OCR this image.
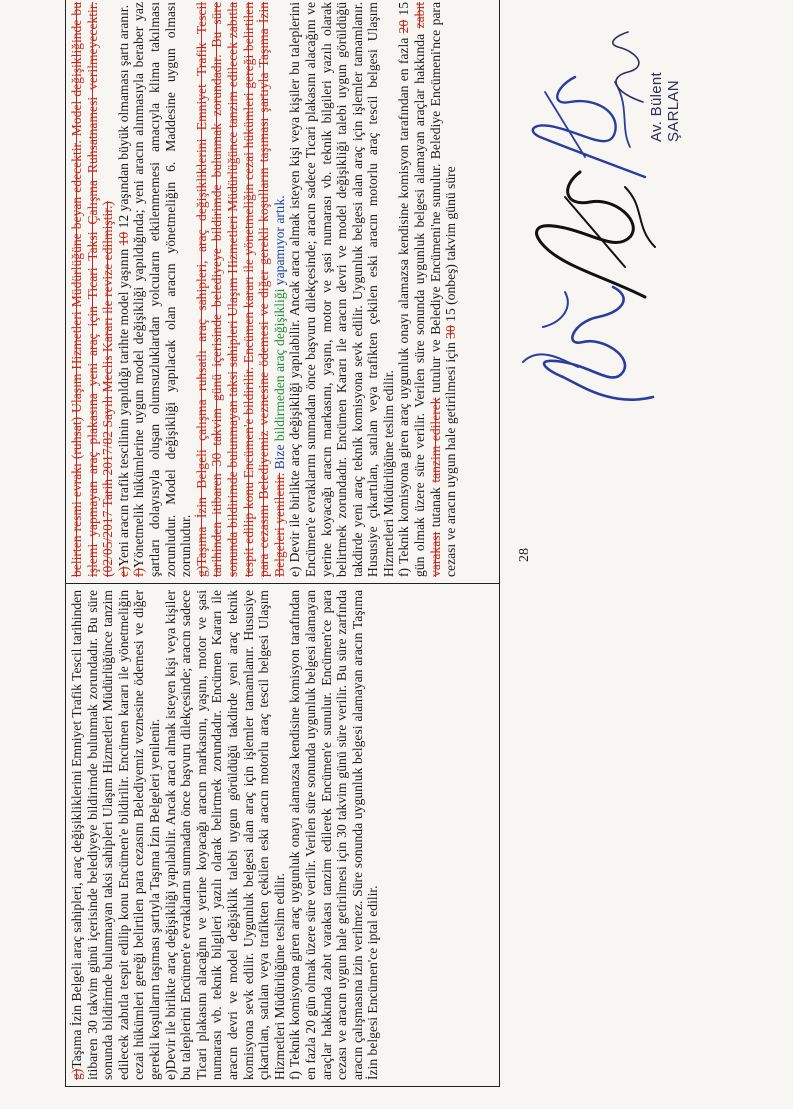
g)Taşıma İzin Belgeli araç sahipleri, araç değişikliklerini Emniyet Trafik Tescil tarihinden itibaren 30 takvim günü içerisinde belediyeye bildirimde bulunmak zorundadır. Bu süre sonunda bildirimde bulunmayan taksi sahipleri Ulaşım Hizmetleri Müdürlüğünce tanzim edilecek zabıtla tespit edilip konu Encümen'e bildirilir. Encümen kararı ile yönetmeliğin cezai hükümleri gereği belirtilen para cezasını Belediyemiz veznesine ödemesi ve diğer gerekli koşulların taşıması şartıyla Taşıma İzin Belgeleri yenilenir. e)Devir ile birlikte araç değişikliği yapılabilir. Ancak aracı almak isteyen kişi veya kişiler bu taleplerini Encümen'e evraklarını sunmadan önce başvuru dilekçesinde; aracın sadece Ticari plakasını alacağını ve yerine koyacağı aracın markasını, yaşını, motor ve şasi numarası vb. teknik bilgileri yazılı olarak belirtmek zorundadır. Encümen Kararı ile aracın devri ve model değişiklik talebi uygun görüldüğü takdirde yeni araç teknik komisyona sevk edilir. Uygunluk belgesi alan araç için işlemler tamamlanır. Hususiye çıkartılan, satılan veya trafikten çekilen eski aracın motorlu araç tescil belgesi Ulaşım Hizmetleri Müdürlüğüne teslim edilir. f) Teknik komisyona giren araç uygunluk onayı alamazsa kendisine komisyon tarafından en fazla 20 gün olmak üzere süre verilir. Verilen süre sonunda uygunluk belgesi alamayan araçlar hakkında zabıt varakası tanzim edilerek Encümen'e sunulur. Encümen'ce para cezası ve aracın uygun hale getirilmesi için 30 takvim günü süre verilir. Bu süre zarfında aracın çalışmasına izin verilmez. Süre sonunda uygunluk belgesi alamayan aracın Taşıma İzin belgesi Encümen'ce iptal edilir.

belirten resmi evrakı (ruhsat) Ulaşım Hizmetleri Müdürlüğüne beyan edecektir. Model değişikliğinde bu işlemi yapmayan araç plakasına yeni araç için Ticari Taksi Çalışma Ruhsatnamesi verilmeyecektir.(02/05/2017 Tarih 2017/82 Sayılı Meclis Kararı ile revize edilmiştir.) e)Yeni aracın trafik tescilinin yapıldığı tarihte model yaşının 10 12 yaşından büyük olmaması şartı aranır.

f)Yönetmelik hükümlerine uygun model değişikliği yapıldığında; yeni aracın alınmasıyla beraber yaz şartları dolayısıyla oluşan olumsuzluklardan yolcuların etkilenmemesi amacıyla klima takılması zorunludur. Model değişikliği yapılacak olan aracın yönetmeliğin 6. Maddesine uygun olması zorunludur. g)Taşıma İzin Belgeli çalışma ruhsatlı araç sahipleri, araç değişikliklerini Emniyet Trafik Tescil tarihinden itibaren 30 takvim günü içerisinde belediyeye bildirimde bulunmak zorundadır. Bu süre sonunda bildirimde bulunmayan taksi sahipleri Ulaşım Hizmetleri Müdürlüğünce tanzim edilecek zabıtla tespit edilip konu Encümen'e bildirilir. Encümen kararı ile yönetmeliğin cezai hükümleri gereği belirtilen para cezasını Belediyemiz veznesine ödemesi ve diğer gerekli koşulların taşıması şartıyla Taşıma İzin Belgeleri yenilenir. Bize bildirmeden araç değişikliği yapamıyor artık. e) Devir ile birlikte araç değişikliği yapılabilir. Ancak aracı almak isteyen kişi veya kişiler bu taleplerini Encümen'e evraklarını sunmadan önce başvuru dilekçesinde; aracın sadece Ticari plakasını alacağını ve yerine koyacağı aracın markasını, yaşını, motor ve şasi numarası vb. teknik bilgileri yazılı olarak belirtmek zorundadır. Encümen Kararı ile aracın devri ve model değişikliği talebi uygun görüldüğü takdirde yeni araç teknik komisyona sevk edilir. Uygunluk belgesi alan araç için işlemler tamamlanır. Hususiye çıkartılan, satılan veya trafikten çekilen eski aracın motorlu araç tescil belgesi Ulaşım Hizmetleri Müdürlüğüne teslim edilir. f) Teknik komisyona giren araç uygunluk onayı alamazsa kendisine komisyon tarafından en fazla 20 15 gün olmak üzere süre verilir. Verilen süre sonunda uygunluk belgesi alamayan araçlar hakkında zabıt varakası tutanak tanzim edilerek tutulur ve Belediye Encümeni'ne sunulur. Belediye Encümeni'nce para cezası ve aracın uygun hale getirilmesi için 30 15 (onbeş) takvim günü süre

28
Av. Bülent ŞARLAN
